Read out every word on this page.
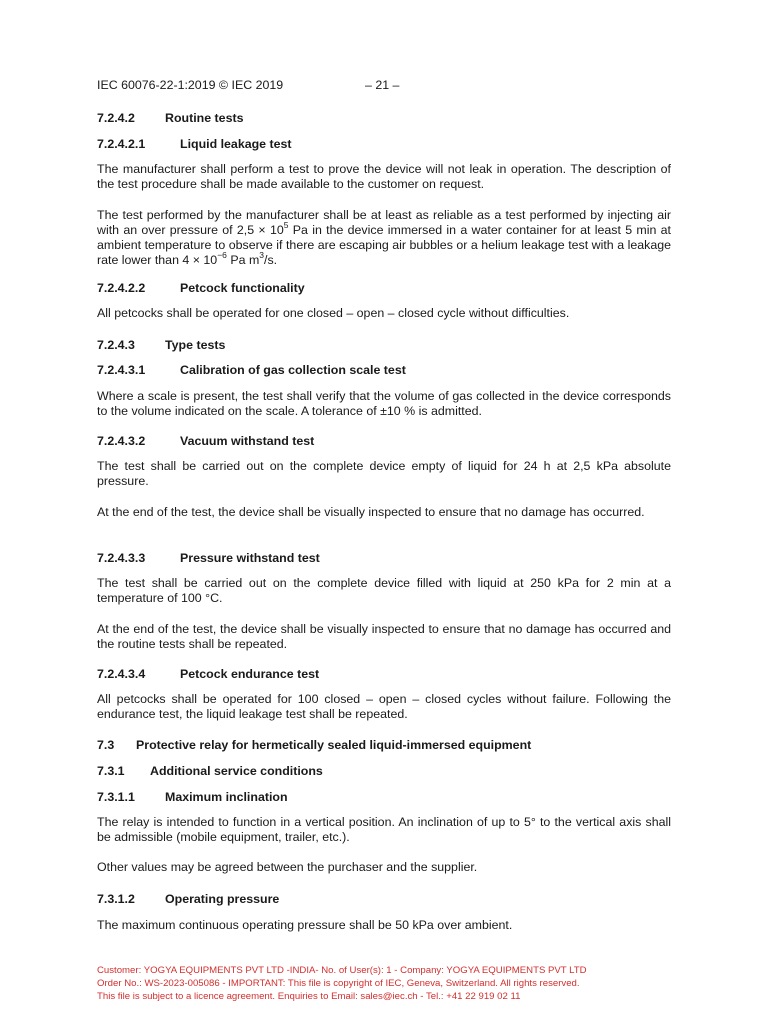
IEC 60076-22-1:2019 © IEC 2019	– 21 –
7.2.4.2 Routine tests
7.2.4.2.1	Liquid leakage test
The manufacturer shall perform a test to prove the device will not leak in operation. The description of the test procedure shall be made available to the customer on request.
The test performed by the manufacturer shall be at least as reliable as a test performed by injecting air with an over pressure of $2,5 \times 10^5$ Pa in the device immersed in a water container for at least 5 min at ambient temperature to observe if there are escaping air bubbles or a helium leakage test with a leakage rate lower than $4 \times 10^{-6}$ Pa $m^3/s$.
7.2.4.2.2	Petcock functionality
All petcocks shall be operated for one closed – open – closed cycle without difficulties.
7.2.4.3 Type tests
7.2.4.3.1	Calibration of gas collection scale test
Where a scale is present, the test shall verify that the volume of gas collected in the device corresponds to the volume indicated on the scale. A tolerance of ±10 % is admitted.
7.2.4.3.2	Vacuum withstand test
The test shall be carried out on the complete device empty of liquid for 24 h at 2,5 kPa absolute pressure.
At the end of the test, the device shall be visually inspected to ensure that no damage has occurred.
7.2.4.3.3	Pressure withstand test
The test shall be carried out on the complete device filled with liquid at 250 kPa for 2 min at a temperature of 100 °C.
At the end of the test, the device shall be visually inspected to ensure that no damage has occurred and the routine tests shall be repeated.
7.2.4.3.4	Petcock endurance test
All petcocks shall be operated for 100 closed – open – closed cycles without failure. Following the endurance test, the liquid leakage test shall be repeated.
7.3 Protective relay for hermetically sealed liquid-immersed equipment
7.3.1 Additional service conditions
7.3.1.1 Maximum inclination
The relay is intended to function in a vertical position. An inclination of up to 5° to the vertical axis shall be admissible (mobile equipment, trailer, etc.).
Other values may be agreed between the purchaser and the supplier.
7.3.1.2 Operating pressure
The maximum continuous operating pressure shall be 50 kPa over ambient.
Customer: YOGYA EQUIPMENTS PVT LTD -INDIA- No. of User(s): 1 - Company: YOGYA EQUIPMENTS PVT LTD
Order No.: WS-2023-005086 - IMPORTANT: This file is copyright of IEC, Geneva, Switzerland. All rights reserved.
This file is subject to a licence agreement. Enquiries to Email: sales@iec.ch - Tel.: +41 22 919 02 11
